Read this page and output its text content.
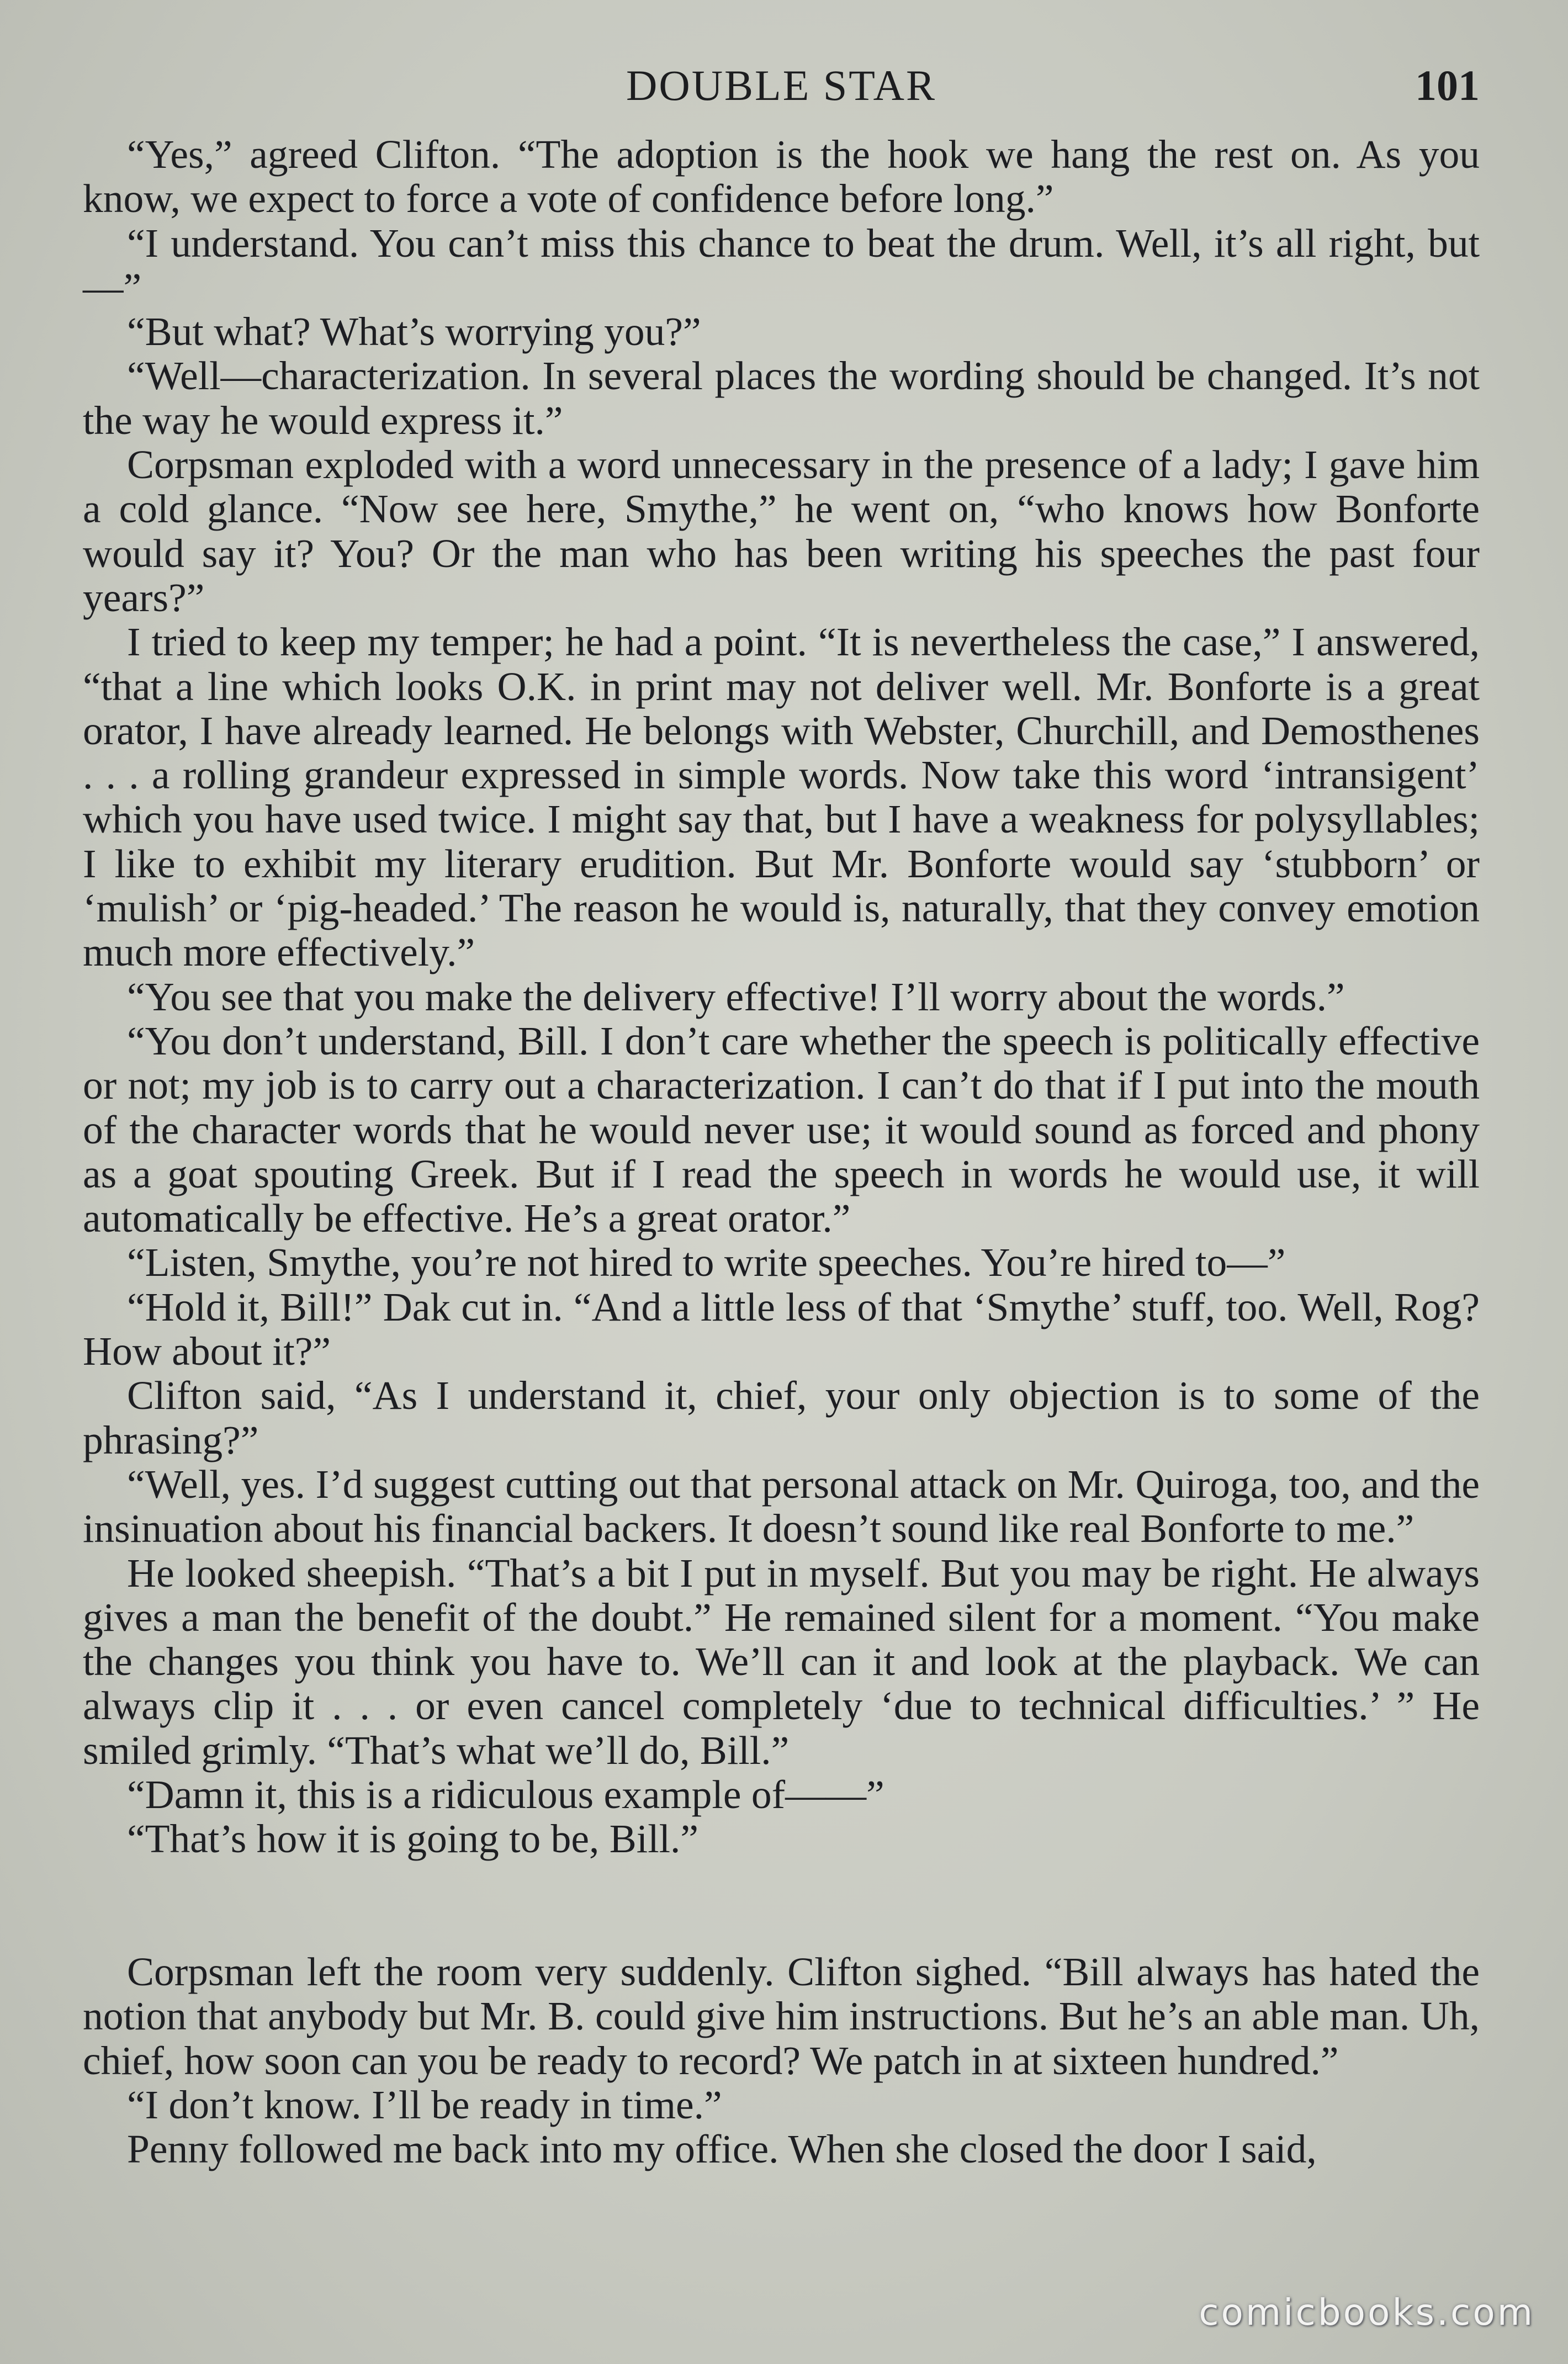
DOUBLE STAR	101

“Yes,” agreed Clifton. “The adoption is the hook we hang the rest on. As you know, we expect to force a vote of confidence before long.”

“I understand. You can’t miss this chance to beat the drum. Well, it’s all right, but—”

“But what? What’s worrying you?”

“Well—characterization. In several places the wording should be changed. It’s not the way he would express it.”

Corpsman exploded with a word unnecessary in the presence of a lady; I gave him a cold glance. “Now see here, Smythe,” he went on, “who knows how Bonforte would say it? You? Or the man who has been writing his speeches the past four years?”

I tried to keep my temper; he had a point. “It is nevertheless the case,” I answered, “that a line which looks O.K. in print may not deliver well. Mr. Bonforte is a great orator, I have already learned. He belongs with Webster, Churchill, and Demosthenes . . . a rolling grandeur expressed in simple words. Now take this word ‘intransigent’ which you have used twice. I might say that, but I have a weakness for polysyllables; I like to exhibit my literary erudition. But Mr. Bonforte would say ‘stubborn’ or ‘mulish’ or ‘pig-headed.’ The reason he would is, naturally, that they convey emotion much more effectively.”

“You see that you make the delivery effective! I’ll worry about the words.”

“You don’t understand, Bill. I don’t care whether the speech is politically effective or not; my job is to carry out a characterization. I can’t do that if I put into the mouth of the character words that he would never use; it would sound as forced and phony as a goat spouting Greek. But if I read the speech in words he would use, it will automatically be effective. He’s a great orator.”

“Listen, Smythe, you’re not hired to write speeches. You’re hired to—”

“Hold it, Bill!” Dak cut in. “And a little less of that ‘Smythe’ stuff, too. Well, Rog? How about it?”

Clifton said, “As I understand it, chief, your only objection is to some of the phrasing?”

“Well, yes. I’d suggest cutting out that personal attack on Mr. Quiroga, too, and the insinuation about his financial backers. It doesn’t sound like real Bonforte to me.”

He looked sheepish. “That’s a bit I put in myself. But you may be right. He always gives a man the benefit of the doubt.” He remained silent for a moment. “You make the changes you think you have to. We’ll can it and look at the playback. We can always clip it . . . or even cancel completely ‘due to technical difficulties.’ ” He smiled grimly. “That’s what we’ll do, Bill.”

“Damn it, this is a ridiculous example of——”

“That’s how it is going to be, Bill.”

Corpsman left the room very suddenly. Clifton sighed. “Bill always has hated the notion that anybody but Mr. B. could give him instructions. But he’s an able man. Uh, chief, how soon can you be ready to record? We patch in at sixteen hundred.”

“I don’t know. I’ll be ready in time.”

Penny followed me back into my office. When she closed the door I said,

comicbooks.com
